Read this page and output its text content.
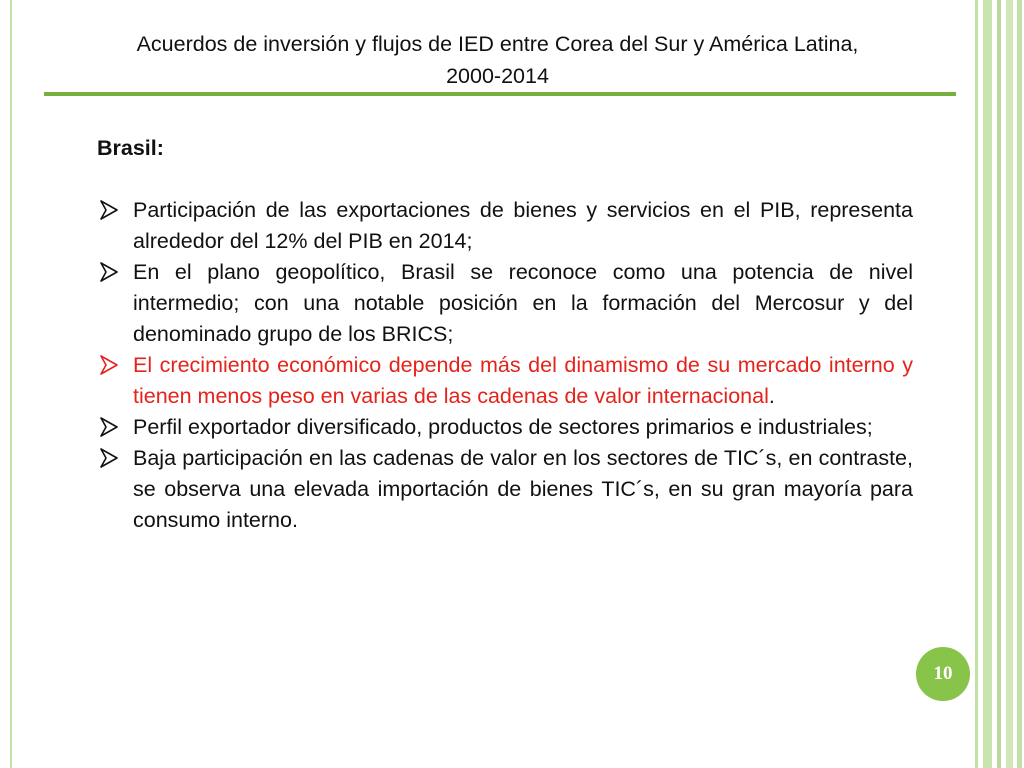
Acuerdos de inversión y flujos de IED entre Corea del Sur y América Latina,
2000-2014
Brasil:
Participación de las exportaciones de bienes y servicios en el PIB, representa alrededor del 12% del PIB en 2014;
En el plano geopolítico, Brasil se reconoce como una potencia de nivel intermedio; con una notable posición en la formación del Mercosur y del denominado grupo de los BRICS;
El crecimiento económico depende más del dinamismo de su mercado interno y tienen menos peso en varias de las cadenas de valor internacional.
Perfil exportador diversificado, productos de sectores primarios e industriales;
Baja participación en las cadenas de valor en los sectores de TIC´s, en contraste, se observa una elevada importación de bienes TIC´s, en su gran mayoría para consumo interno.
10
